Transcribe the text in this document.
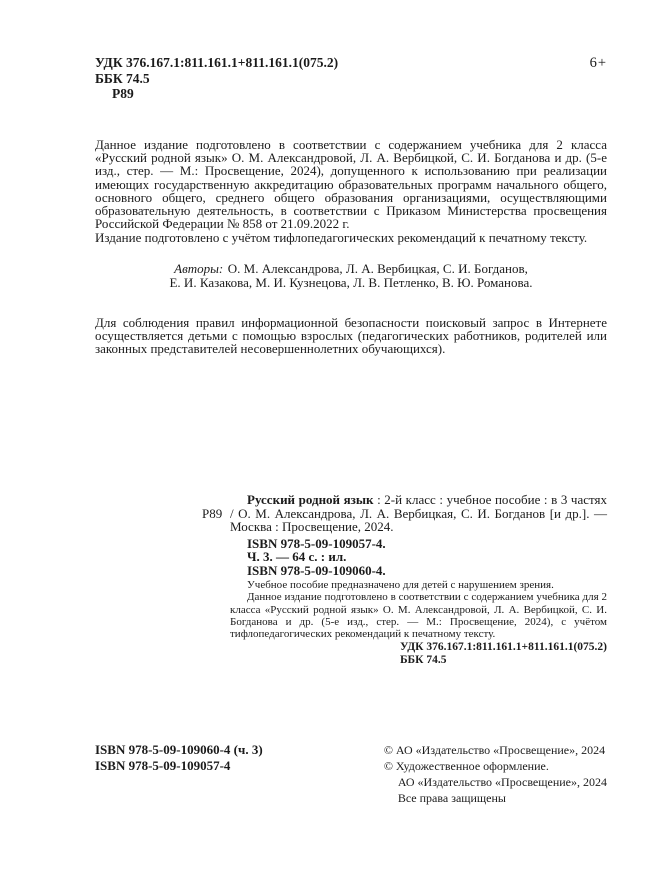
УДК 376.167.1:811.161.1+811.161.1(075.2)	6+
ББК 74.5
Р89

Данное издание подготовлено в соответствии с содержанием учебника для 2 класса «Русский родной язык» О. М. Александровой, Л. А. Вербицкой, С. И. Богданова и др. (5-е изд., стер. — М.: Просвещение, 2024), допущенного к использованию при реализации имеющих государственную аккредитацию образовательных программ начального общего, основного общего, среднего общего образования организациями, осуществляющими образовательную деятельность, в соответствии с Приказом Министерства просвещения Российской Федерации № 858 от 21.09.2022 г.

Издание подготовлено с учётом тифлопедагогических рекомендаций к печатному тексту.

Авторы: О. М. Александрова, Л. А. Вербицкая, С. И. Богданов,
Е. И. Казакова, М. И. Кузнецова, Л. В. Петленко, В. Ю. Романова.

Для соблюдения правил информационной безопасности поисковый запрос в Интернете осуществляется детьми с помощью взрослых (педагогических работников, родителей или законных представителей несовершеннолетних обучающихся).

Р89
Русский родной язык : 2-й класс : учебное пособие : в 3 частях / О. М. Александрова, Л. А. Вербицкая, С. И. Богданов [и др.]. — Москва : Просвещение, 2024.
ISBN 978-5-09-109057-4.
Ч. 3. — 64 с. : ил.
ISBN 978-5-09-109060-4.
Учебное пособие предназначено для детей с нарушением зрения.
Данное издание подготовлено в соответствии с содержанием учебника для 2 класса «Русский родной язык» О. М. Александровой, Л. А. Вербицкой, С. И. Богданова и др. (5-е изд., стер. — М.: Просвещение, 2024), с учётом тифлопедагогических рекомендаций к печатному тексту.
УДК 376.167.1:811.161.1+811.161.1(075.2)
ББК 74.5
ISBN 978-5-09-109060-4 (ч. 3)
ISBN 978-5-09-109057-4
© АО «Издательство «Просвещение», 2024
© Художественное оформление.
АО «Издательство «Просвещение», 2024
Все права защищены
